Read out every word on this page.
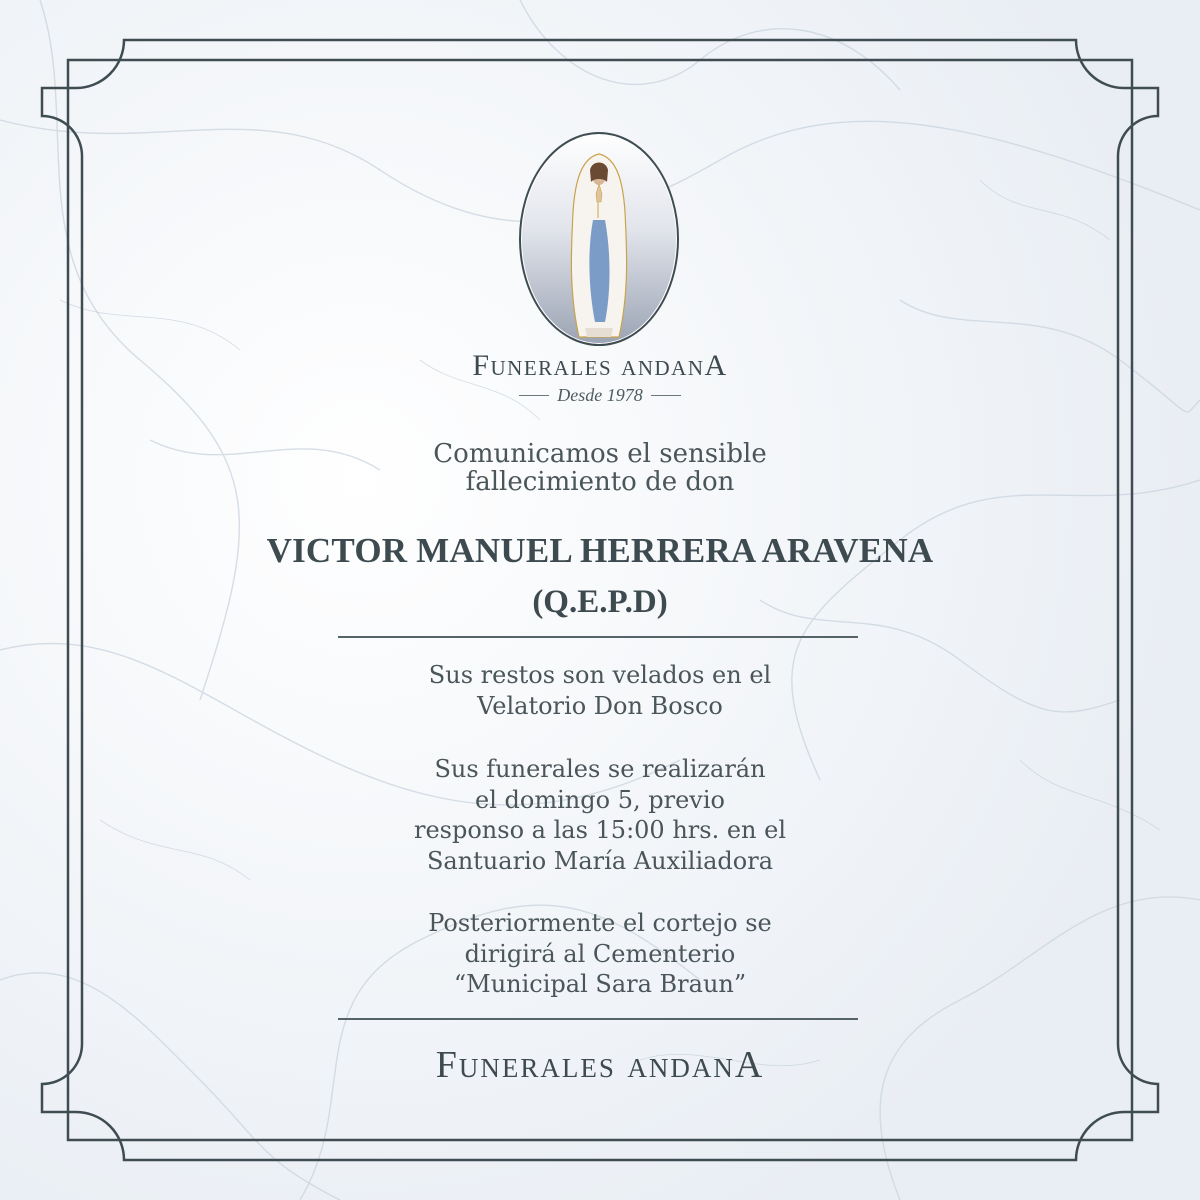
Funerales andanA
Desde 1978
Comunicamos el sensible
fallecimiento de don
VICTOR MANUEL HERRERA ARAVENA
(Q.E.P.D)
Sus restos son velados en el
Velatorio Don Bosco
Sus funerales se realizarán
el domingo 5, previo
responso a las 15:00 hrs. en el
Santuario María Auxiliadora
Posteriormente el cortejo se
dirigirá al Cementerio
“Municipal Sara Braun”
Funerales andanA
